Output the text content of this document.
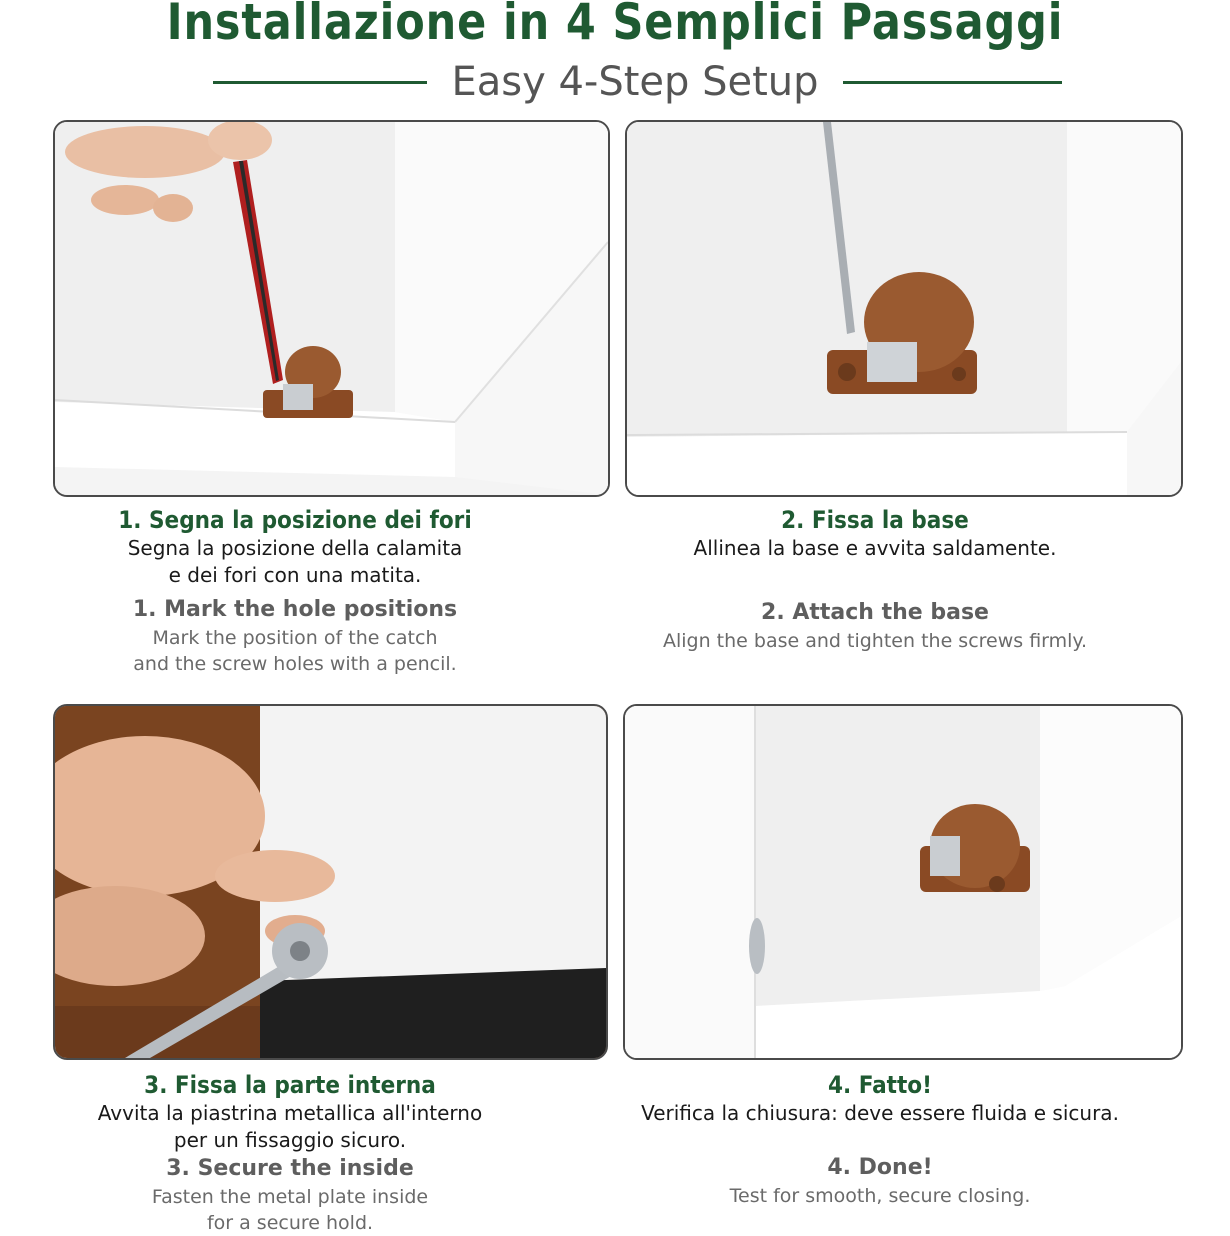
Installazione in 4 Semplici Passaggi
Easy 4-Step Setup
1. Segna la posizione dei fori
Segna la posizione della calamita
e dei fori con una matita.
1. Mark the hole positions
Mark the position of the catch
and the screw holes with a pencil.
2. Fissa la base
Allinea la base e avvita saldamente.
2. Attach the base
Align the base and tighten the screws firmly.
3. Fissa la parte interna
Avvita la piastrina metallica all'interno
per un fissaggio sicuro.
3. Secure the inside
Fasten the metal plate inside
for a secure hold.
4. Fatto!
Verifica la chiusura: deve essere fluida e sicura.
4. Done!
Test for smooth, secure closing.
